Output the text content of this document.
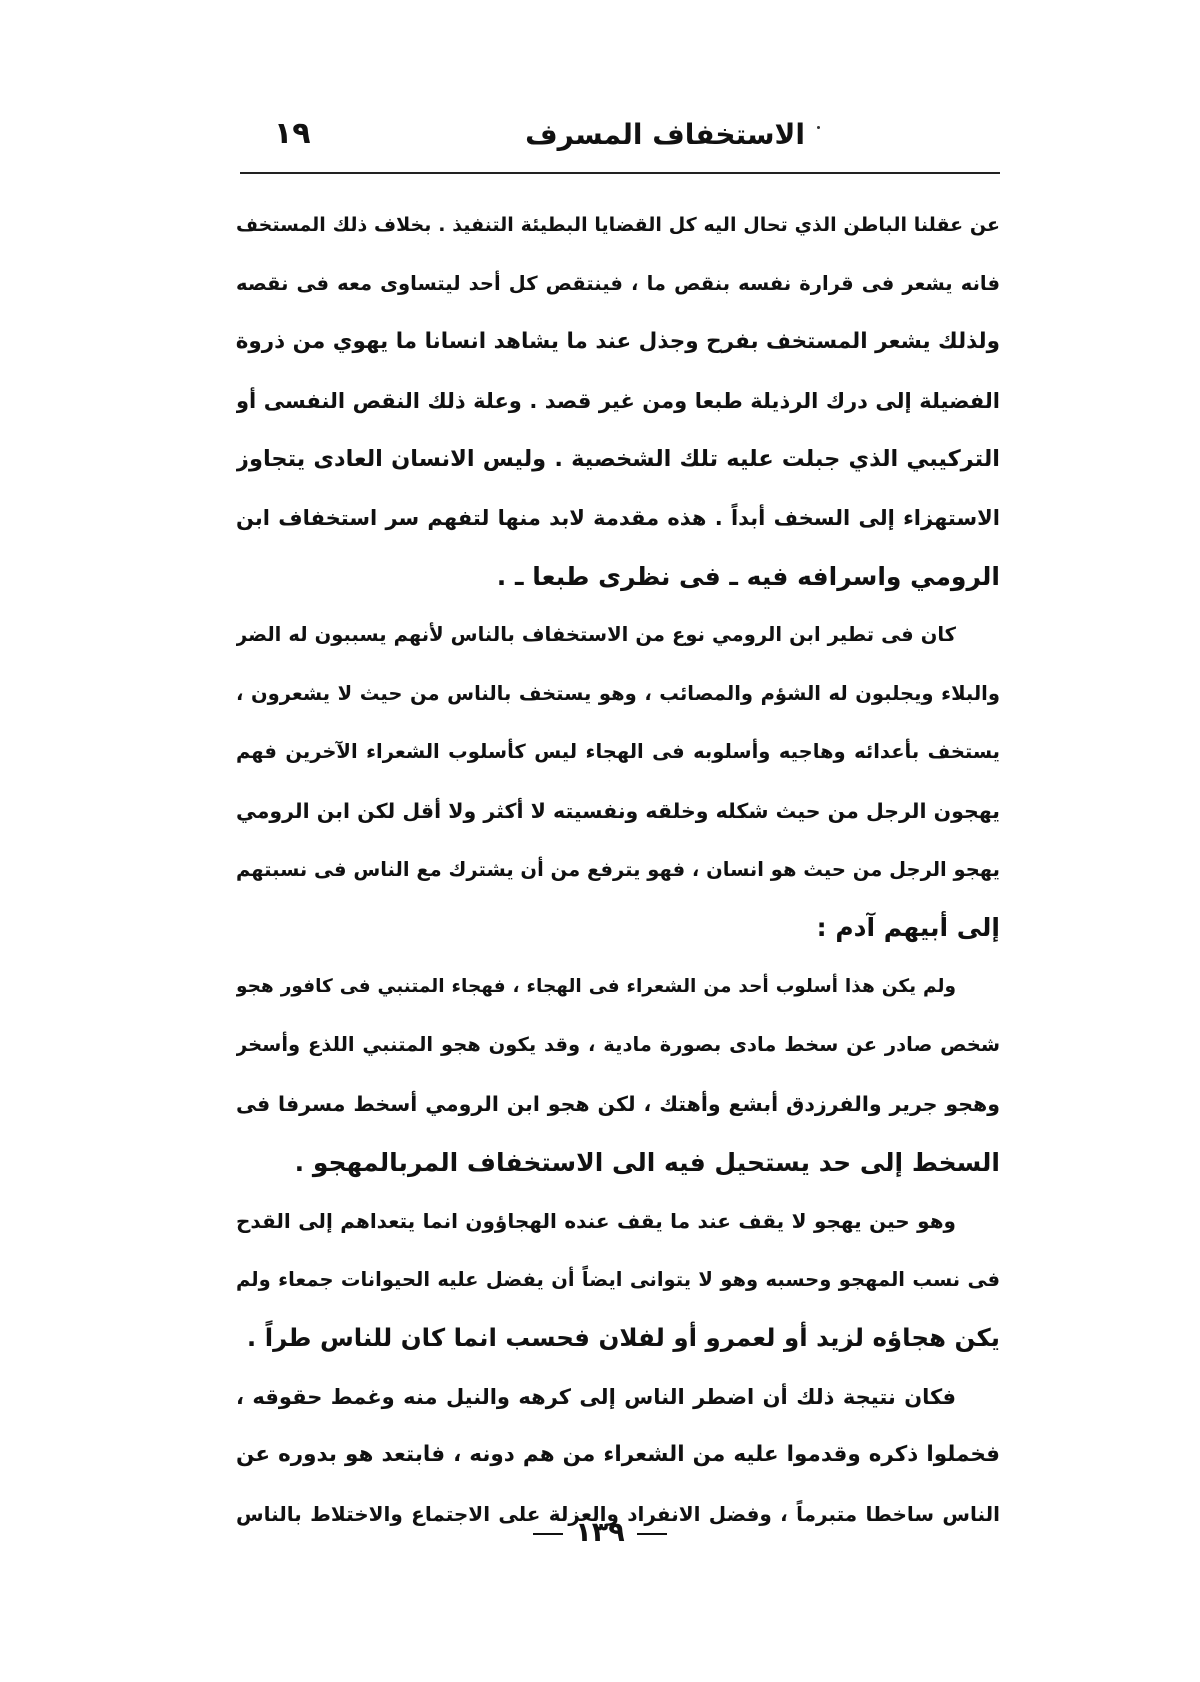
الاستخفاف المسرف
١٩
عن عقلنا الباطن الذي تحال اليه كل القضايا البطيئة التنفيذ . بخلاف ذلك المستخف
فانه يشعر فى قرارة نفسه بنقص ما ، فينتقص كل أحد ليتساوى معه فى نقصه
ولذلك يشعر المستخف بفرح وجذل عند ما يشاهد انسانا ما يهوي من ذروة
الفضيلة إلى درك الرذيلة طبعا ومن غير قصد . وعلة ذلك النقص النفسى أو
التركيبي الذي جبلت عليه تلك الشخصية . وليس الانسان العادى يتجاوز
الاستهزاء إلى السخف أبداً . هذه مقدمة لابد منها لتفهم سر استخفاف ابن
الرومي واسرافه فيه ـ فى نظرى طبعا ـ .
كان فى تطير ابن الرومي نوع من الاستخفاف بالناس لأنهم يسببون له الضر
والبلاء ويجلبون له الشؤم والمصائب ، وهو يستخف بالناس من حيث لا يشعرون ،
يستخف بأعدائه وهاجيه وأسلوبه فى الهجاء ليس كأسلوب الشعراء الآخرين فهم
يهجون الرجل من حيث شكله وخلقه ونفسيته لا أكثر ولا أقل لكن ابن الرومي
يهجو الرجل من حيث هو انسان ، فهو يترفع من أن يشترك مع الناس فى نسبتهم
إلى أبيهم آدم :
ولم يكن هذا أسلوب أحد من الشعراء فى الهجاء ، فهجاء المتنبي فى كافور هجو
شخص صادر عن سخط مادى بصورة مادية ، وقد يكون هجو المتنبي اللذع وأسخر
وهجو جرير والفرزدق أبشع وأهتك ، لكن هجو ابن الرومي أسخط مسرفا فى
السخط إلى حد يستحيل فيه الى الاستخفاف المربالمهجو .
وهو حين يهجو لا يقف عند ما يقف عنده الهجاؤون انما يتعداهم إلى القدح
فى نسب المهجو وحسبه وهو لا يتوانى ايضاً أن يفضل عليه الحيوانات جمعاء ولم
يكن هجاؤه لزيد أو لعمرو أو لفلان فحسب انما كان للناس طراً .
فكان نتيجة ذلك أن اضطر الناس إلى كرهه والنيل منه وغمط حقوقه ،
فخملوا ذكره وقدموا عليه من الشعراء من هم دونه ، فابتعد هو بدوره عن
الناس ساخطا متبرماً ، وفضل الانفراد والعزلة على الاجتماع والاختلاط بالناس
١٣٩
